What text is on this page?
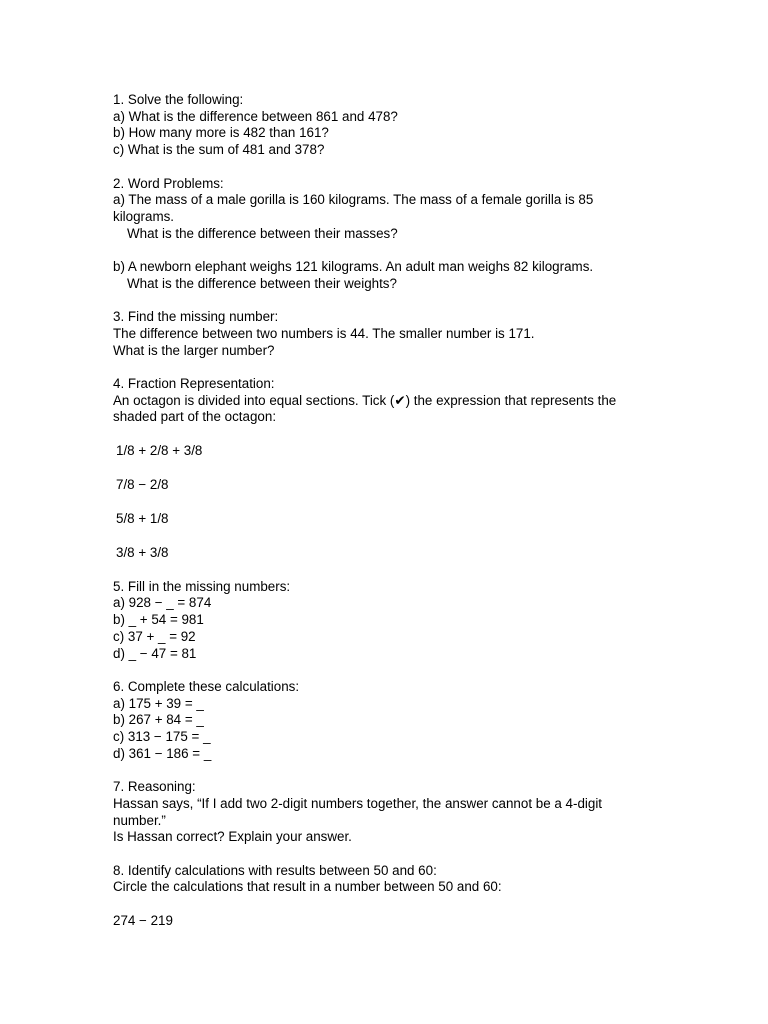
1. Solve the following:
a) What is the difference between 861 and 478?
b) How many more is 482 than 161?
c) What is the sum of 481 and 378?
2. Word Problems:
a) The mass of a male gorilla is 160 kilograms. The mass of a female gorilla is 85 kilograms.
What is the difference between their masses?
b) A newborn elephant weighs 121 kilograms. An adult man weighs 82 kilograms.
What is the difference between their weights?
3. Find the missing number:
The difference between two numbers is 44. The smaller number is 171.
What is the larger number?
4. Fraction Representation:
An octagon is divided into equal sections. Tick (✔) the expression that represents the shaded part of the octagon:
1/8 + 2/8 + 3/8
7/8 − 2/8
5/8 + 1/8
3/8 + 3/8
5. Fill in the missing numbers:
a) 928 − _ = 874
b) _ + 54 = 981
c) 37 + _ = 92
d) _ − 47 = 81
6. Complete these calculations:
a) 175 + 39 = _
b) 267 + 84 = _
c) 313 − 175 = _
d) 361 − 186 = _
7. Reasoning:
Hassan says, “If I add two 2-digit numbers together, the answer cannot be a 4-digit number.”
Is Hassan correct? Explain your answer.
8. Identify calculations with results between 50 and 60:
Circle the calculations that result in a number between 50 and 60:
274 − 219
